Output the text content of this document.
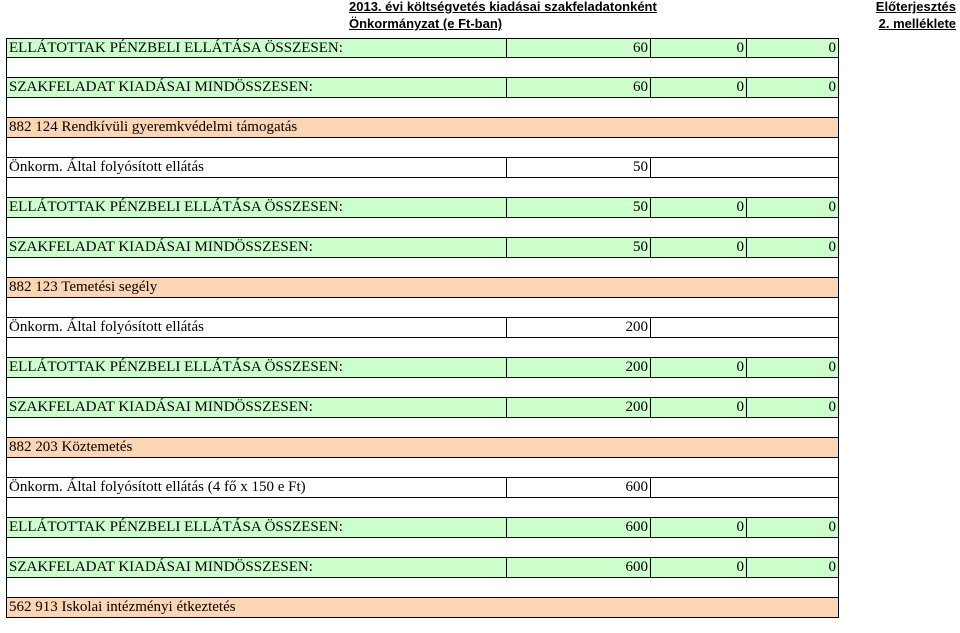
2013. évi költségvetés kiadásai szakfeladatonként
Önkormányzat (e Ft-ban)
Előterjesztés
2. melléklete
ELLÁTOTTAK PÉNZBELI ELLÁTÁSA ÖSSZESEN:	60	0	0
SZAKFELADAT KIADÁSAI MINDÖSSZESEN:	60	0	0
882 124 Rendkívüli gyeremkvédelmi támogatás
Önkorm. Által folyósított ellátás	50
ELLÁTOTTAK PÉNZBELI ELLÁTÁSA ÖSSZESEN:	50	0	0
SZAKFELADAT KIADÁSAI MINDÖSSZESEN:	50	0	0
882 123 Temetési segély
Önkorm. Által folyósított ellátás	200
ELLÁTOTTAK PÉNZBELI ELLÁTÁSA ÖSSZESEN:	200	0	0
SZAKFELADAT KIADÁSAI MINDÖSSZESEN:	200	0	0
882 203 Köztemetés
Önkorm. Által folyósított ellátás (4 fő x 150 e Ft)	600
ELLÁTOTTAK PÉNZBELI ELLÁTÁSA ÖSSZESEN:	600	0	0
SZAKFELADAT KIADÁSAI MINDÖSSZESEN:	600	0	0
562 913 Iskolai intézményi étkeztetés
